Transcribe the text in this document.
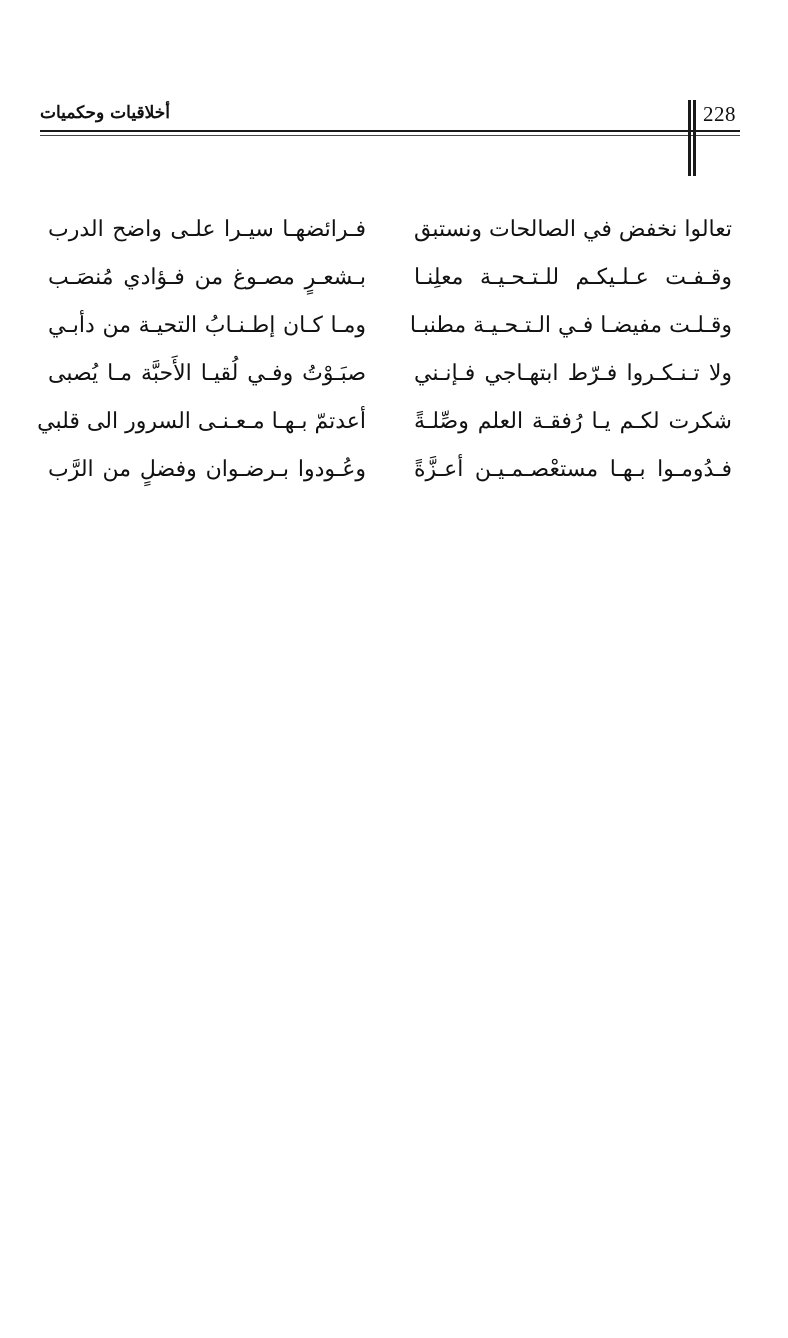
أخلاقيات وحكميات	228
تعالوا نخفض في الصالحات ونستبق
فـرائضهـا سيـرا علـى واضح الدرب
وقـفـت عـلـيكـم للـتـحـيـة معلِنـا
بـشعـرٍ مصـوغ من فـؤادي مُنصَـب
وقـلـت مفيضـا فـي الـتـحـيـة مطنبـا
ومـا كـان إطـنـابُ التحيـة من دأبـي
ولا تـنـكـروا فـرّط ابتهـاجي فـإنـني
صبَـوْتُ وفـي لُقيـا الأَحبَّة مـا يُصبى
شكرت لكـم يـا رُفقـة العلم وصِّلـةً
أعدتمّ بـهـا مـعـنـى السرور الى قلبي
فـدُومـوا بـهـا مستعْصـمـيـن أعـزَّةً
وعُـودوا بـرضـوان وفضلٍ من الرَّب
